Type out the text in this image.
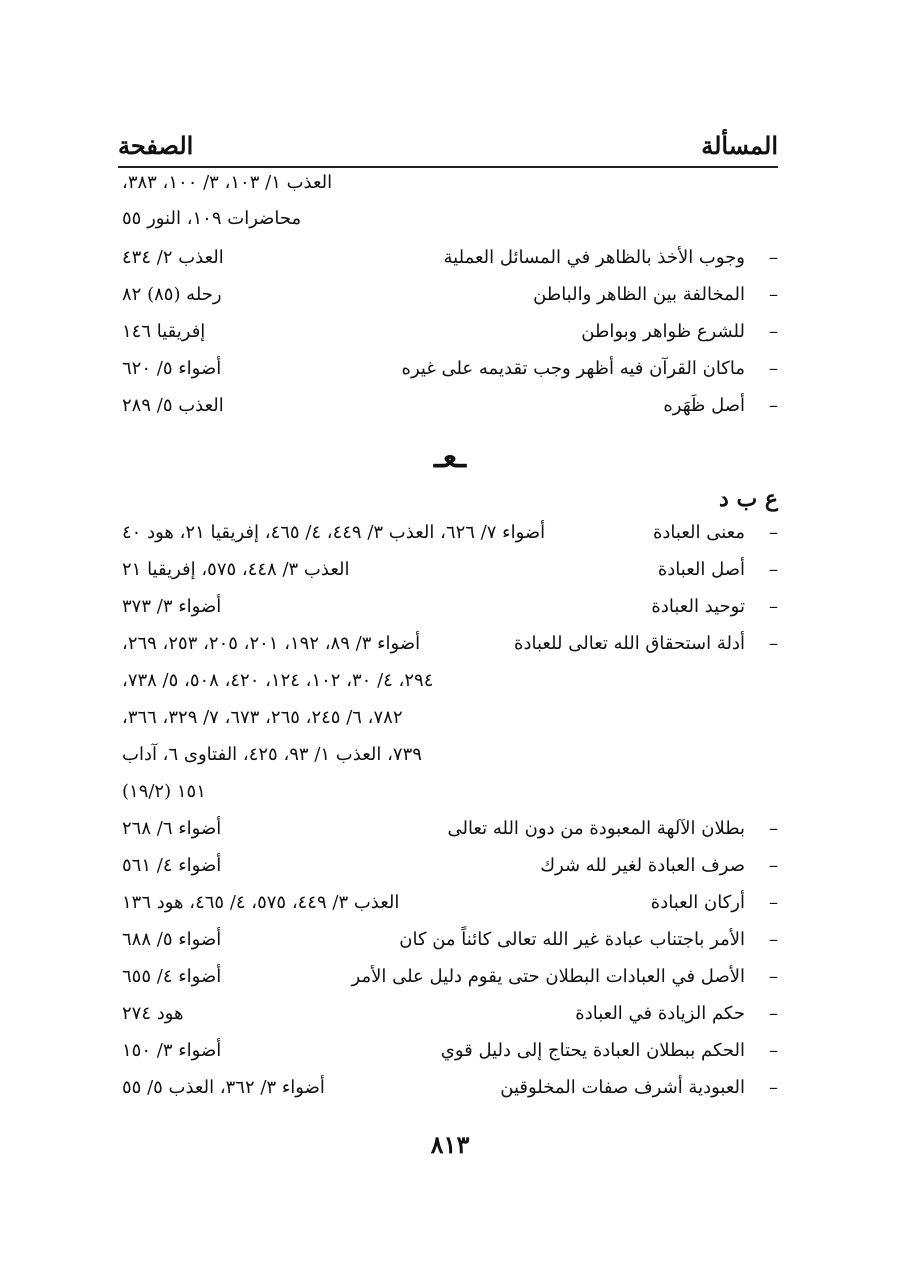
المسألة
الصفحة
العذب ١/ ١٠٣، ٣/ ١٠٠، ٣٨٣،
محاضرات ١٠٩، النور ٥٥
–
وجوب الأخذ بالظاهر في المسائل العملية
العذب ٢/ ٤٣٤
–
المخالفة بين الظاهر والباطن
رحله (٨٥) ٨٢
–
للشرع ظواهر وبواطن
إفريقيا ١٤٦
–
ماكان القرآن فيه أظهر وجب تقديمه على غيره
أضواء ٥/ ٦٢٠
–
أصل ظَهَره
العذب ٥/ ٢٨٩
ـعـ
ع ب د
–
معنى العبادة
أضواء ٧/ ٦٢٦، العذب ٣/ ٤٤٩، ٤/ ٤٦٥، إفريقيا ٢١، هود ٤٠
–
أصل العبادة
العذب ٣/ ٤٤٨، ٥٧٥، إفريقيا ٢١
–
توحيد العبادة
أضواء ٣/ ٣٧٣
–
أدلة استحقاق الله تعالى للعبادة
أضواء ٣/ ٨٩، ١٩٢، ٢٠١، ٢٠٥، ٢٥٣، ٢٦٩،
٢٩٤، ٤/ ٣٠، ١٠٢، ١٢٤، ٤٢٠، ٥٠٨، ٥/ ٧٣٨،
٧٨٢، ٦/ ٢٤٥، ٢٦٥، ٦٧٣، ٧/ ٣٢٩، ٣٦٦،
٧٣٩، العذب ١/ ٩٣، ٤٢٥، الفتاوى ٦، آداب
١٥١ (١٩/٢)
–
بطلان الآلهة المعبودة من دون الله تعالى
أضواء ٦/ ٢٦٨
–
صرف العبادة لغير لله شرك
أضواء ٤/ ٥٦١
–
أركان العبادة
العذب ٣/ ٤٤٩، ٥٧٥، ٤/ ٤٦٥، هود ١٣٦
–
الأمر باجتناب عبادة غير الله تعالى كائناً من كان
أضواء ٥/ ٦٨٨
–
الأصل في العبادات البطلان حتى يقوم دليل على الأمر
أضواء ٤/ ٦٥٥
–
حكم الزيادة في العبادة
هود ٢٧٤
–
الحكم ببطلان العبادة يحتاج إلى دليل قوي
أضواء ٣/ ١٥٠
–
العبودية أشرف صفات المخلوقين
أضواء ٣/ ٣٦٢، العذب ٥/ ٥٥
٨١٣
